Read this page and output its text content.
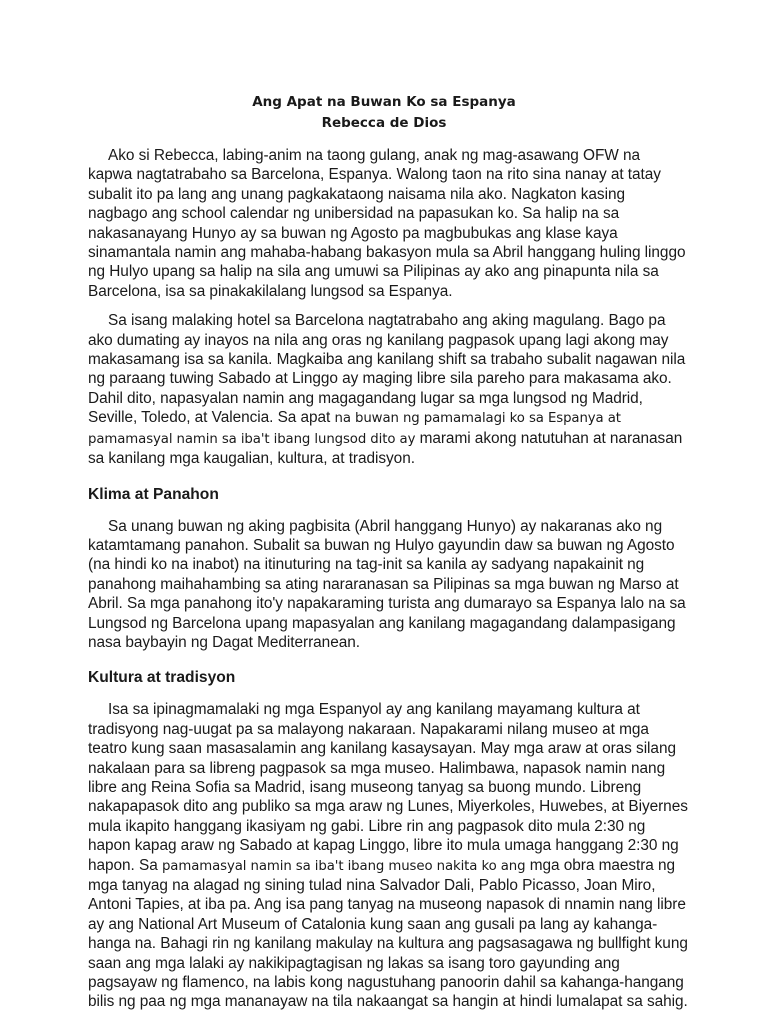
Ang Apat na Buwan Ko sa Espanya
Rebecca de Dios

Ako si Rebecca, labing-anim na taong gulang, anak ng mag-asawang OFW na kapwa nagtatrabaho sa Barcelona, Espanya. Walong taon na rito sina nanay at tatay subalit ito pa lang ang unang pagkakataong naisama nila ako. Nagkaton kasing nagbago ang school calendar ng unibersidad na papasukan ko. Sa halip na sa nakasanayang Hunyo ay sa buwan ng Agosto pa magbubukas ang klase kaya sinamantala namin ang mahaba-habang bakasyon mula sa Abril hanggang huling linggo ng Hulyo upang sa halip na sila ang umuwi sa Pilipinas ay ako ang pinapunta nila sa Barcelona, isa sa pinakakilalang lungsod sa Espanya.

Sa isang malaking hotel sa Barcelona nagtatrabaho ang aking magulang. Bago pa ako dumating ay inayos na nila ang oras ng kanilang pagpasok upang lagi akong may makasamang isa sa kanila. Magkaiba ang kanilang shift sa trabaho subalit nagawan nila ng paraang tuwing Sabado at Linggo ay maging libre sila pareho para makasama ako. Dahil dito, napasyalan namin ang magagandang lugar sa mga lungsod ng Madrid, Seville, Toledo, at Valencia. Sa apat na buwan ng pamamalagi ko sa Espanya at pamamasyal namin sa iba't ibang lungsod dito ay marami akong natutuhan at naranasan sa kanilang mga kaugalian, kultura, at tradisyon.

Klima at Panahon

Sa unang buwan ng aking pagbisita (Abril hanggang Hunyo) ay nakaranas ako ng katamtamang panahon. Subalit sa buwan ng Hulyo gayundin daw sa buwan ng Agosto (na hindi ko na inabot) na itinuturing na tag-init sa kanila ay sadyang napakainit ng panahong maihahambing sa ating nararanasan sa Pilipinas sa mga buwan ng Marso at Abril. Sa mga panahong ito'y napakaraming turista ang dumarayo sa Espanya lalo na sa Lungsod ng Barcelona upang mapasyalan ang kanilang magagandang dalampasigang nasa baybayin ng Dagat Mediterranean.

Kultura at tradisyon

Isa sa ipinagmamalaki ng mga Espanyol ay ang kanilang mayamang kultura at tradisyong nag-uugat pa sa malayong nakaraan. Napakarami nilang museo at mga teatro kung saan masasalamin ang kanilang kasaysayan. May mga araw at oras silang nakalaan para sa libreng pagpasok sa mga museo. Halimbawa, napasok namin nang libre ang Reina Sofia sa Madrid, isang museong tanyag sa buong mundo. Libreng nakapapasok dito ang publiko sa mga araw ng Lunes, Miyerkoles, Huwebes, at Biyernes mula ikapito hanggang ikasiyam ng gabi. Libre rin ang pagpasok dito mula 2:30 ng hapon kapag araw ng Sabado at kapag Linggo, libre ito mula umaga hanggang 2:30 ng hapon. Sa pamamasyal namin sa iba't ibang museo nakita ko ang mga obra maestra ng mga tanyag na alagad ng sining tulad nina Salvador Dali, Pablo Picasso, Joan Miro, Antoni Tapies, at iba pa. Ang isa pang tanyag na museong napasok di nnamin nang libre ay ang National Art Museum of Catalonia kung saan ang gusali pa lang ay kahanga-hanga na. Bahagi rin ng kanilang makulay na kultura ang pagsasagawa ng bullfight kung saan ang mga lalaki ay nakikipagtagisan ng lakas sa isang toro gayunding ang pagsayaw ng flamenco, na labis kong nagustuhang panoorin dahil sa kahanga-hangang bilis ng paa ng mga mananayaw na tila nakaangat sa hangin at hindi lumalapat sa sahig.
